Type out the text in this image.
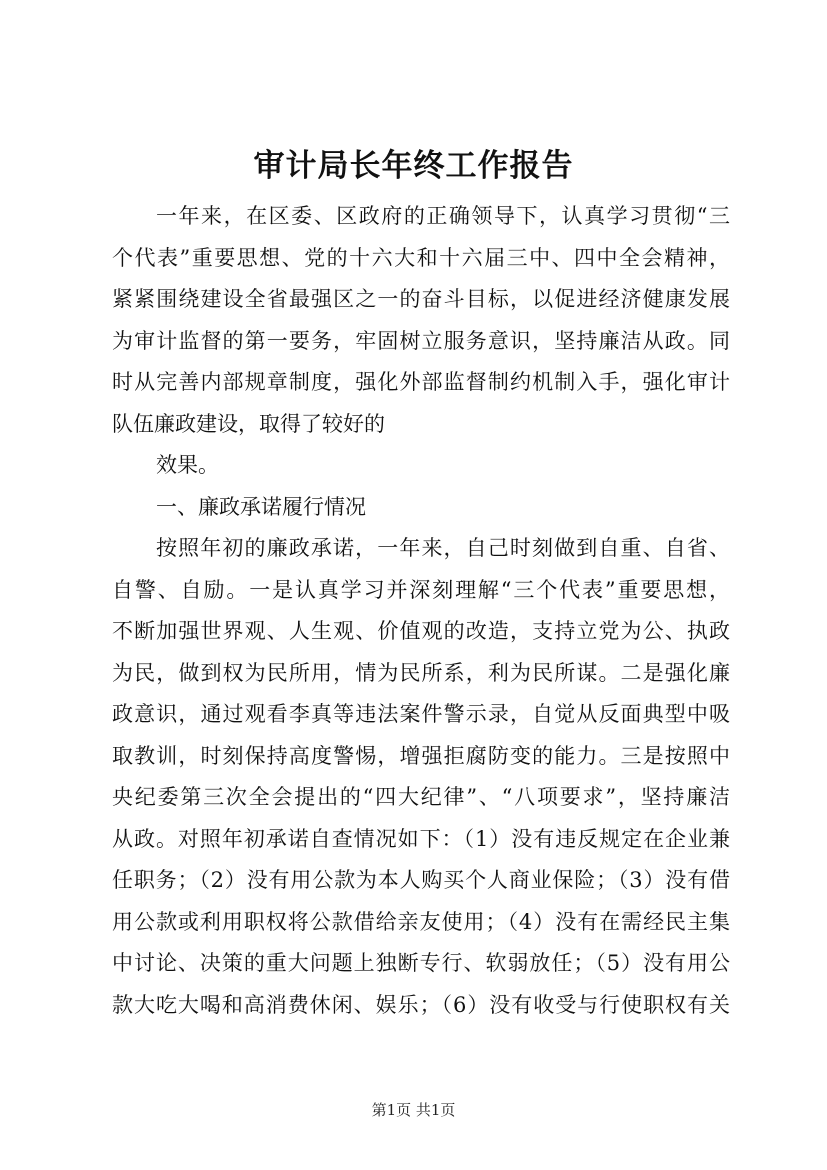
审计局长年终工作报告
一年来，在区委、区政府的正确领导下，认真学习贯彻“三
个代表”重要思想、党的十六大和十六届三中、四中全会精神，
紧紧围绕建设全省最强区之一的奋斗目标，以促进经济健康发展
为审计监督的第一要务，牢固树立服务意识，坚持廉洁从政。同
时从完善内部规章制度，强化外部监督制约机制入手，强化审计
队伍廉政建设，取得了较好的
效果。
一、廉政承诺履行情况
按照年初的廉政承诺，一年来，自己时刻做到自重、自省、
自警、自励。一是认真学习并深刻理解“三个代表”重要思想，
不断加强世界观、人生观、价值观的改造，支持立党为公、执政
为民，做到权为民所用，情为民所系，利为民所谋。二是强化廉
政意识，通过观看李真等违法案件警示录，自觉从反面典型中吸
取教训，时刻保持高度警惕，增强拒腐防变的能力。三是按照中
央纪委第三次全会提出的“四大纪律”、“八项要求”，坚持廉洁
从政。对照年初承诺自查情况如下：（1）没有违反规定在企业兼
任职务；（2）没有用公款为本人购买个人商业保险；（3）没有借
用公款或利用职权将公款借给亲友使用；（4）没有在需经民主集
中讨论、决策的重大问题上独断专行、软弱放任；（5）没有用公
款大吃大喝和高消费休闲、娱乐；（6）没有收受与行使职权有关
第1页 共1页
